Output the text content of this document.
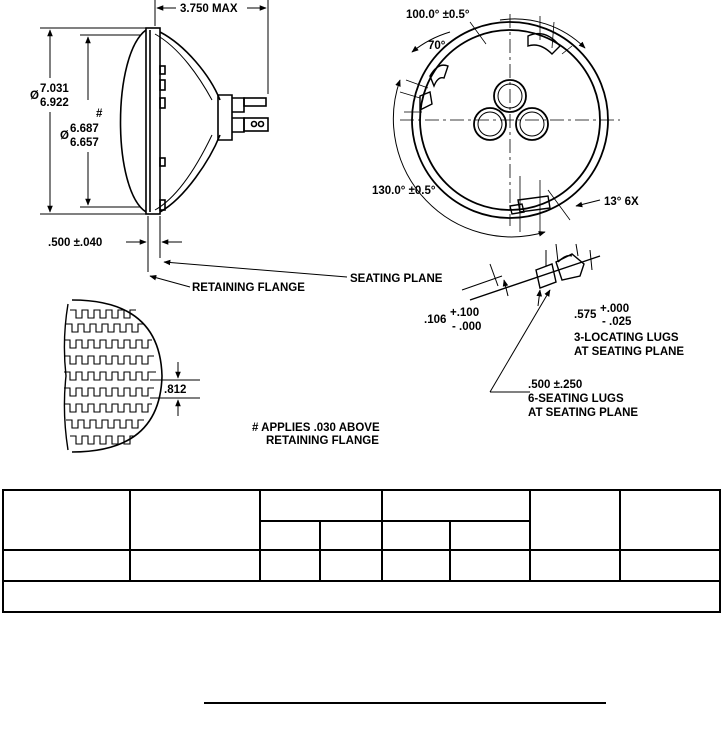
3.750 MAX
Ø
7.031
6.922
#
Ø
6.687
6.657
.500 ±.040
RETAINING FLANGE
SEATING PLANE
.812
100.0° ±0.5°
70°
130.0° ±0.5°
13° 6X
.106
+.100
- .000
.575 +.000
- .025
3-LOCATING LUGS
AT SEATING PLANE
.500 ±.250
6-SEATING LUGS
AT SEATING PLANE
# APPLIES .030 ABOVE
RETAINING FLANGE
